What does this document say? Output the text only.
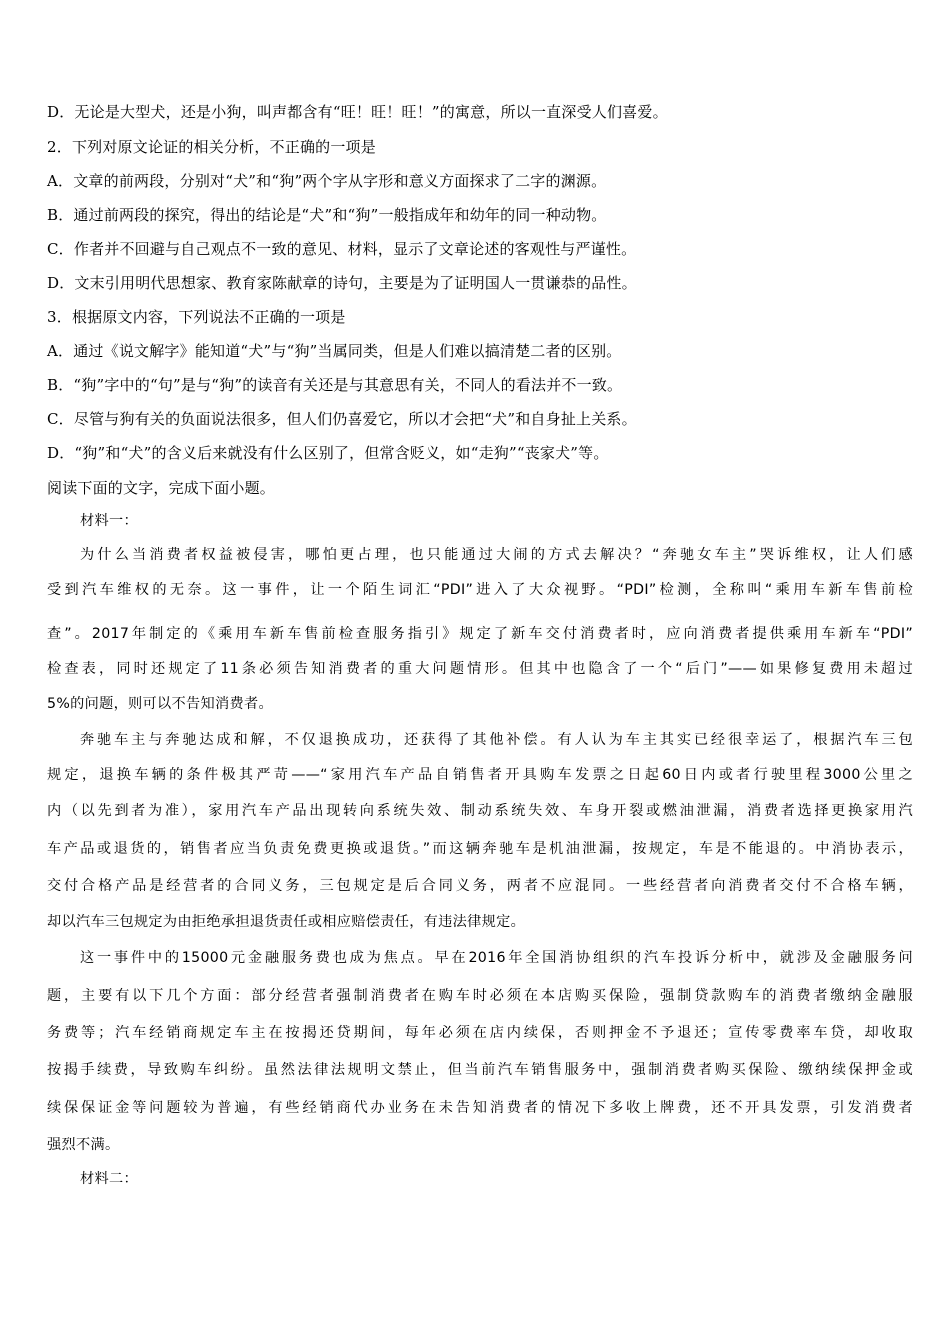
D．无论是大型犬，还是小狗，叫声都含有“旺！旺！旺！”的寓意，所以一直深受人们喜爱。
2．下列对原文论证的相关分析，不正确的一项是
A．文章的前两段，分别对“犬”和“狗”两个字从字形和意义方面探求了二字的渊源。
B．通过前两段的探究，得出的结论是“犬”和“狗”一般指成年和幼年的同一种动物。
C．作者并不回避与自己观点不一致的意见、材料，显示了文章论述的客观性与严谨性。
D．文末引用明代思想家、教育家陈献章的诗句，主要是为了证明国人一贯谦恭的品性。
3．根据原文内容，下列说法不正确的一项是
A．通过《说文解字》能知道“犬”与“狗”当属同类，但是人们难以搞清楚二者的区别。
B．“狗”字中的“句”是与“狗”的读音有关还是与其意思有关，不同人的看法并不一致。
C．尽管与狗有关的负面说法很多，但人们仍喜爱它，所以才会把“犬”和自身扯上关系。
D．“狗”和“犬”的含义后来就没有什么区别了，但常含贬义，如“走狗”“丧家犬”等。
阅读下面的文字，完成下面小题。
材料一：
为什么当消费者权益被侵害，哪怕更占理，也只能通过大闹的方式去解决？“奔驰女车主”哭诉维权，让人们感
受到汽车维权的无奈。这一事件，让一个陌生词汇“PDI”进入了大众视野。“PDI”检测，全称叫“乘用车新车售前检
查”。2017年制定的《乘用车新车售前检查服务指引》规定了新车交付消费者时，应向消费者提供乘用车新车“PDI”
检查表，同时还规定了11条必须告知消费者的重大问题情形。但其中也隐含了一个“后门”——如果修复费用未超过
5%的问题，则可以不告知消费者。
奔驰车主与奔驰达成和解，不仅退换成功，还获得了其他补偿。有人认为车主其实已经很幸运了，根据汽车三包
规定，退换车辆的条件极其严苛——“家用汽车产品自销售者开具购车发票之日起60日内或者行驶里程3000公里之
内（以先到者为准），家用汽车产品出现转向系统失效、制动系统失效、车身开裂或燃油泄漏，消费者选择更换家用汽
车产品或退货的，销售者应当负责免费更换或退货。”而这辆奔驰车是机油泄漏，按规定，车是不能退的。中消协表示，
交付合格产品是经营者的合同义务，三包规定是后合同义务，两者不应混同。一些经营者向消费者交付不合格车辆，
却以汽车三包规定为由拒绝承担退货责任或相应赔偿责任，有违法律规定。
这一事件中的15000元金融服务费也成为焦点。早在2016年全国消协组织的汽车投诉分析中，就涉及金融服务问
题，主要有以下几个方面：部分经营者强制消费者在购车时必须在本店购买保险，强制贷款购车的消费者缴纳金融服
务费等；汽车经销商规定车主在按揭还贷期间，每年必须在店内续保，否则押金不予退还；宣传零费率车贷，却收取
按揭手续费，导致购车纠纷。虽然法律法规明文禁止，但当前汽车销售服务中，强制消费者购买保险、缴纳续保押金或
续保保证金等问题较为普遍，有些经销商代办业务在未告知消费者的情况下多收上牌费，还不开具发票，引发消费者
强烈不满。
材料二：
